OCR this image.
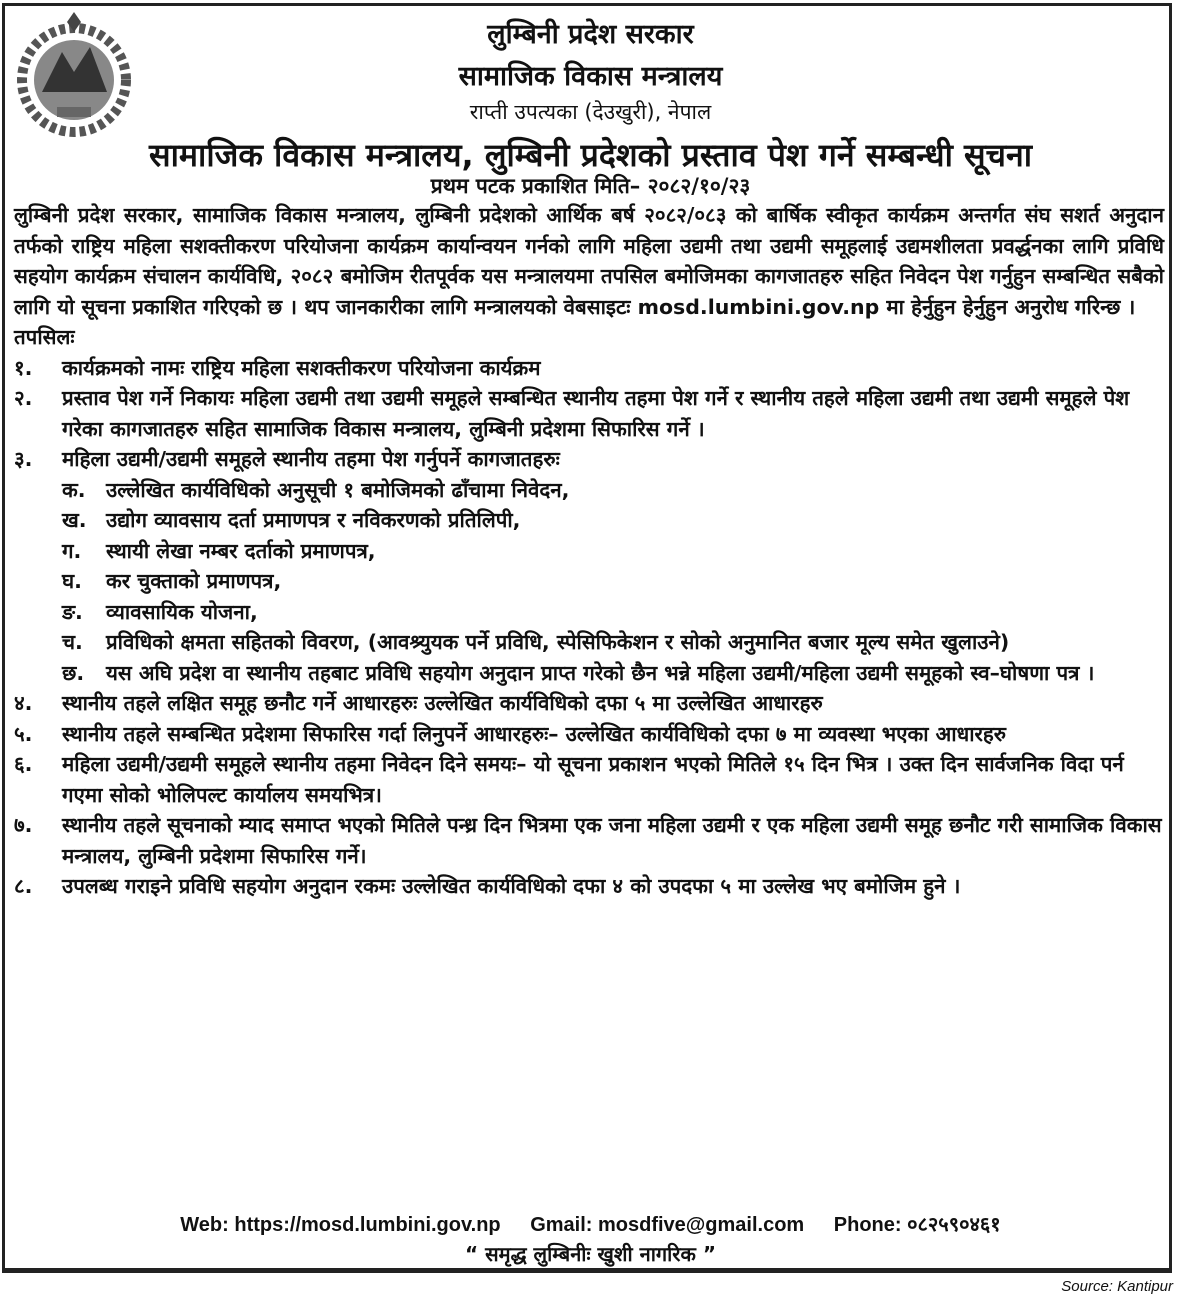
लुम्बिनी प्रदेश सरकार
सामाजिक विकास मन्त्रालय
राप्ती उपत्यका (देउखुरी), नेपाल
सामाजिक विकास मन्त्रालय, लुम्बिनी प्रदेशको प्रस्ताव पेश गर्ने सम्बन्धी सूचना
प्रथम पटक प्रकाशित मिति– २०८२/१०/२३
लुम्बिनी प्रदेश सरकार, सामाजिक विकास मन्त्रालय, लुम्बिनी प्रदेशको आर्थिक बर्ष २०८२/०८३ को बार्षिक स्वीकृत कार्यक्रम अन्तर्गत संघ सशर्त अनुदान तर्फको राष्ट्रिय महिला सशक्तीकरण परियोजना कार्यक्रम कार्यान्वयन गर्नको लागि महिला उद्यमी तथा उद्यमी समूहलाई उद्यमशीलता प्रवर्द्धनका लागि प्रविधि सहयोग कार्यक्रम संचालन कार्यविधि, २०८२ बमोजिम रीतपूर्वक यस मन्त्रालयमा तपसिल बमोजिमका कागजातहरु सहित निवेदन पेश गर्नुहुन सम्बन्धित सबैको लागि यो सूचना प्रकाशित गरिएको छ । थप जानकारीका लागि मन्त्रालयको वेबसाइटः mosd.lumbini.gov.np मा हेर्नुहुन हेर्नुहुन अनुरोध गरिन्छ ।
तपसिलः
१.	कार्यक्रमको नामः राष्ट्रिय महिला सशक्तीकरण परियोजना कार्यक्रम
२.	प्रस्ताव पेश गर्ने निकायः महिला उद्यमी तथा उद्यमी समूहले सम्बन्धित स्थानीय तहमा पेश गर्ने र स्थानीय तहले महिला उद्यमी तथा उद्यमी समूहले पेश गरेका कागजातहरु सहित सामाजिक विकास मन्त्रालय, लुम्बिनी प्रदेशमा सिफारिस गर्ने ।
३.	महिला उद्यमी/उद्यमी समूहले स्थानीय तहमा पेश गर्नुपर्ने कागजातहरुः
क. उल्लेखित कार्यविधिको अनुसूची १ बमोजिमको ढाँचामा निवेदन,
ख. उद्योग व्यावसाय दर्ता प्रमाणपत्र र नविकरणको प्रतिलिपी,
ग.	स्थायी लेखा नम्बर दर्ताको प्रमाणपत्र,
घ.	कर चुक्ताको प्रमाणपत्र,
ङ.	व्यावसायिक योजना,
च.	प्रविधिको क्षमता सहितको विवरण, (आवश्र्युयक पर्ने प्रविधि, स्पेसिफिकेशन र सोको अनुमानित बजार मूल्य समेत खुलाउने)
छ.	यस अघि प्रदेश वा स्थानीय तहबाट प्रविधि सहयोग अनुदान प्राप्त गरेको छैन भन्ने महिला उद्यमी/महिला उद्यमी समूहको स्व–घोषणा पत्र ।
४.	स्थानीय तहले लक्षित समूह छनौट गर्ने आधारहरुः उल्लेखित कार्यविधिको दफा ५ मा उल्लेखित आधारहरु
५.	स्थानीय तहले सम्बन्धित प्रदेशमा सिफारिस गर्दा लिनुपर्ने आधारहरुः– उल्लेखित कार्यविधिको दफा ७ मा व्यवस्था भएका आधारहरु
६.	महिला उद्यमी/उद्यमी समूहले स्थानीय तहमा निवेदन दिने समयः– यो सूचना प्रकाशन भएको मितिले १५ दिन भित्र । उक्त दिन सार्वजनिक विदा पर्न गएमा सोको भोलिपल्ट कार्यालय समयभित्र।
७.	स्थानीय तहले सूचनाको म्याद समाप्त भएको मितिले पन्ध्र दिन भित्रमा एक जना महिला उद्यमी र एक महिला उद्यमी समूह छनौट गरी सामाजिक विकास मन्त्रालय, लुम्बिनी प्रदेशमा सिफारिस गर्ने।
८.	उपलब्ध गराइने प्रविधि सहयोग अनुदान रकमः उल्लेखित कार्यविधिको दफा ४ को उपदफा ५ मा उल्लेख भए बमोजिम हुने ।
Web: https://mosd.lumbini.gov.np Gmail: mosdfive@gmail.com Phone: ०८२५९०४६१
“ समृद्ध लुम्बिनीः खुशी नागरिक ”
Source: Kantipur
